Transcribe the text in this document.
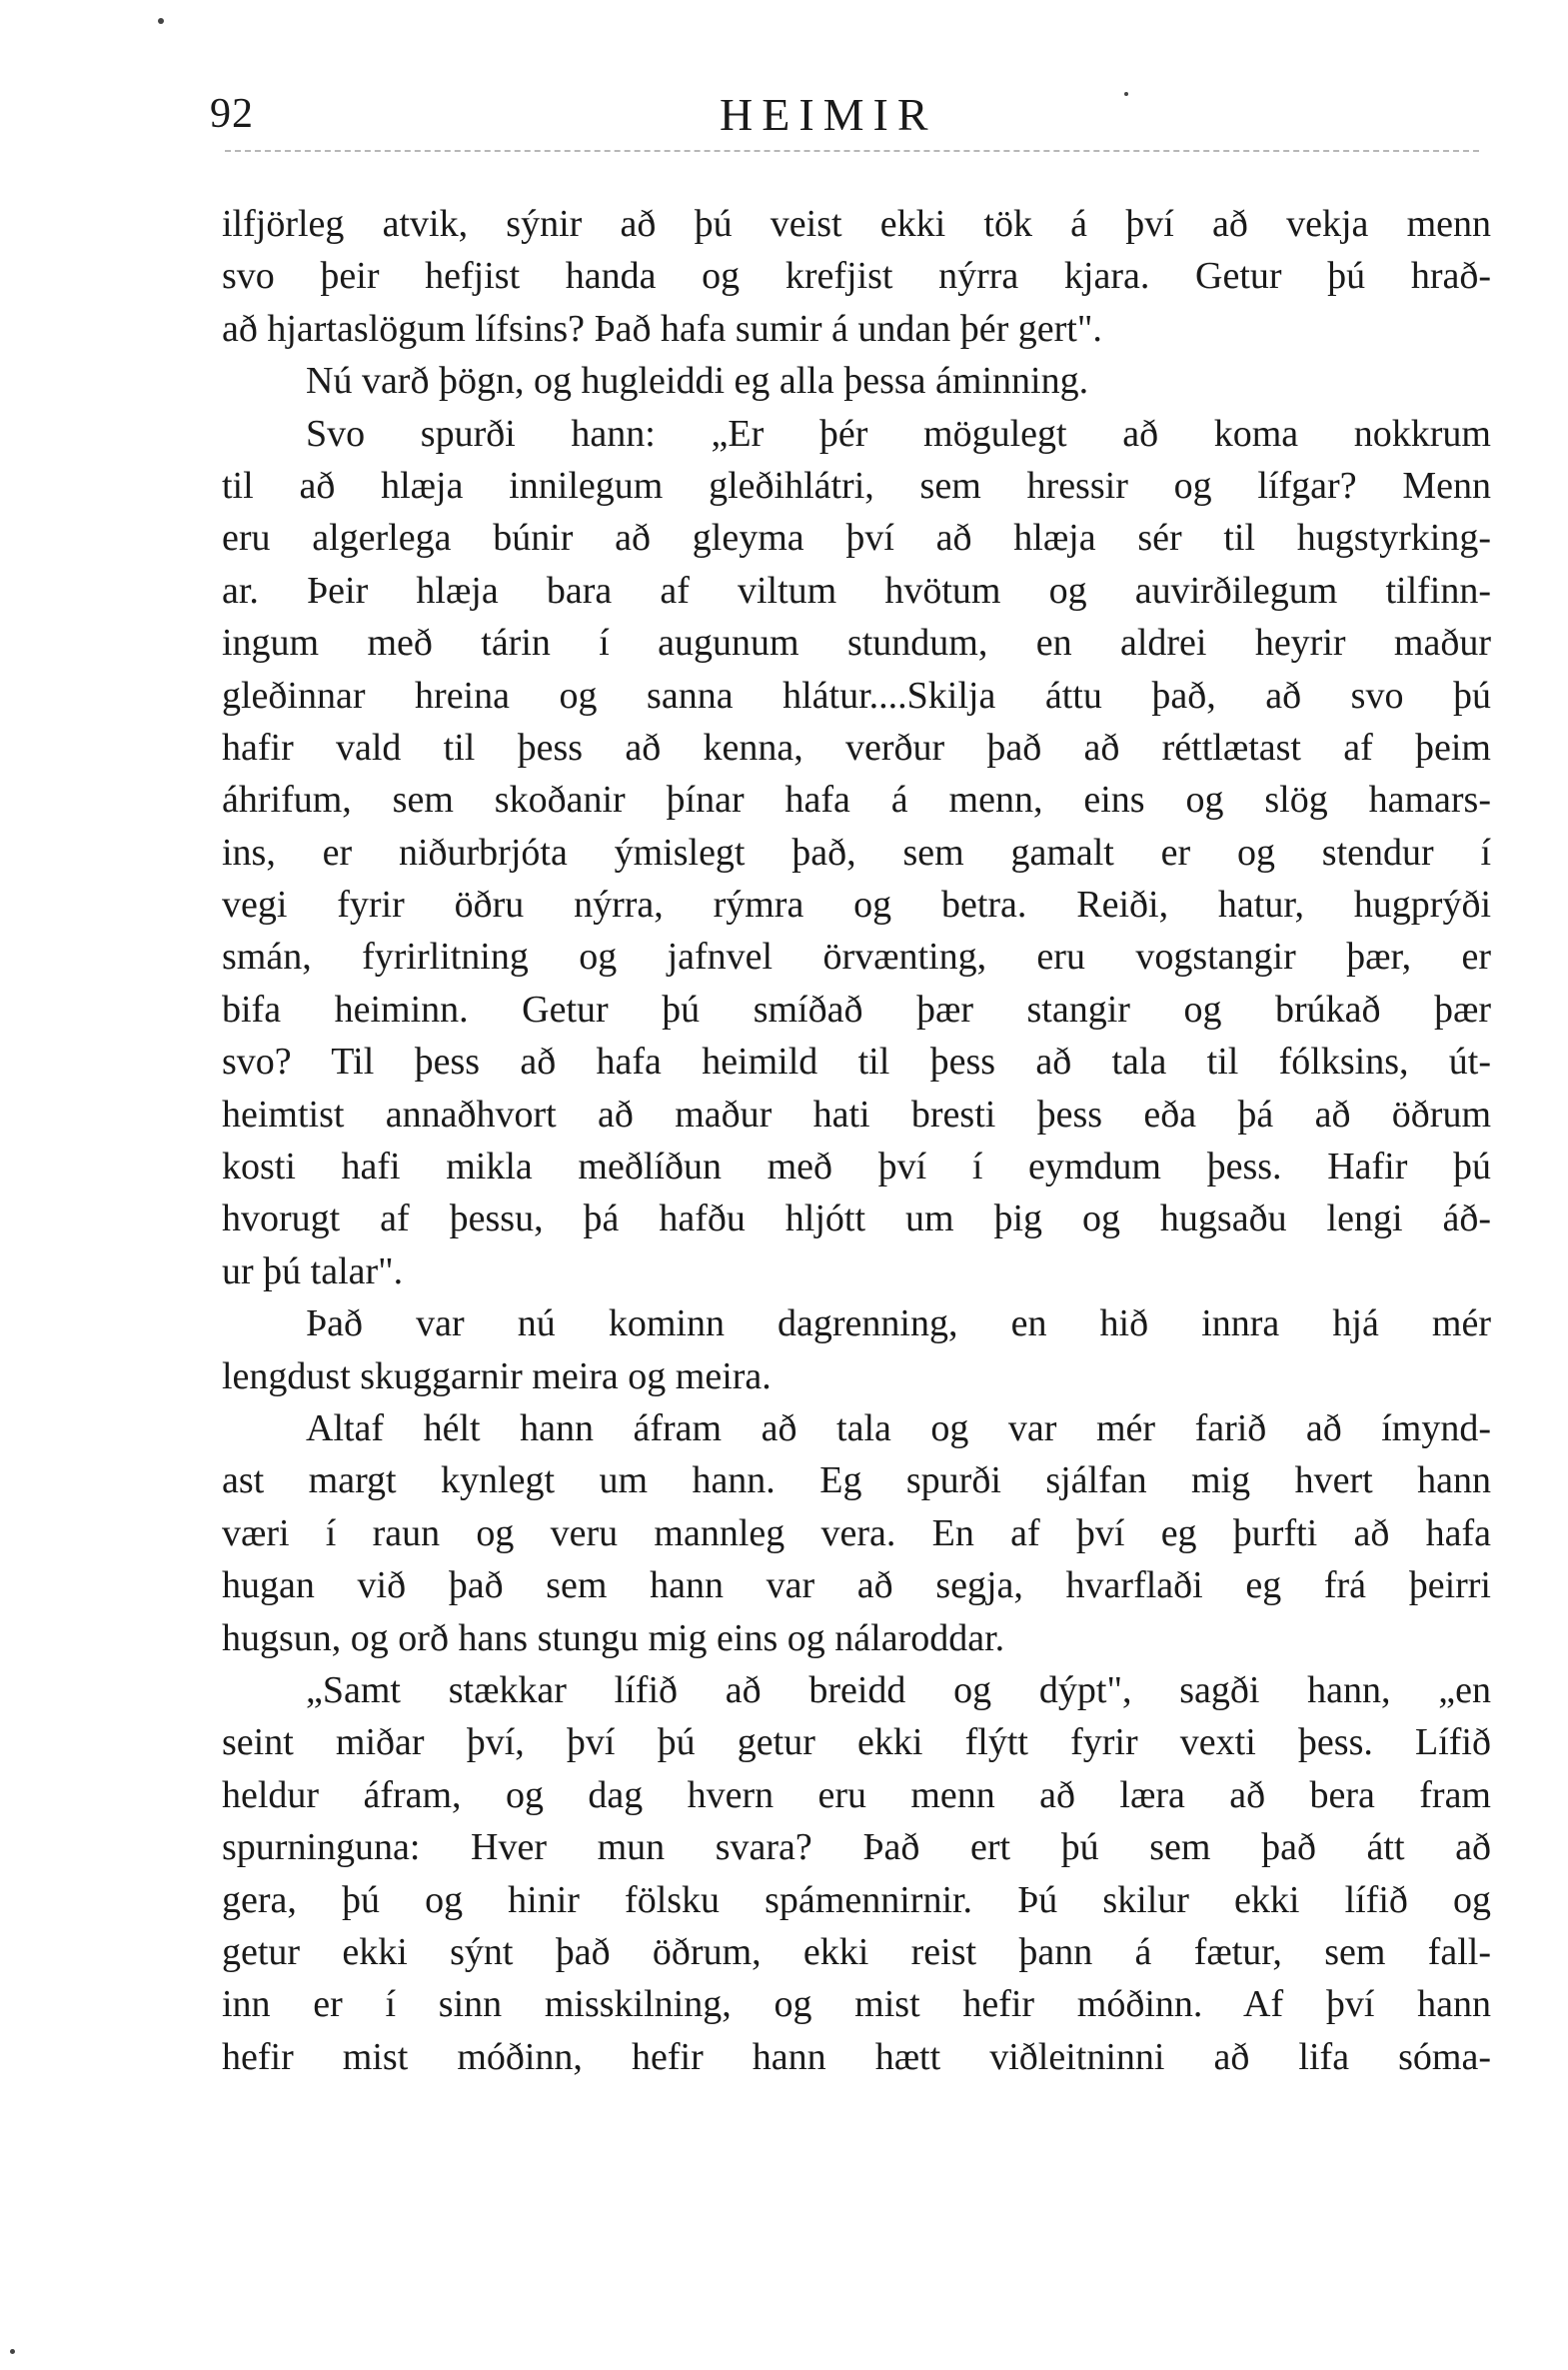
92	HEIMIR
ilfjörleg atvik, sýnir að þú veist ekki tök á því að vekja menn
svo þeir hefjist handa og krefjist nýrra kjara. Getur þú hrað-
að hjartaslögum lífsins? Það hafa sumir á undan þér gert".
Nú varð þögn, og hugleiddi eg alla þessa áminning.
Svo spurði hann: „Er þér mögulegt að koma nokkrum
til að hlæja innilegum gleðihlátri, sem hressir og lífgar? Menn
eru algerlega búnir að gleyma því að hlæja sér til hugstyrking-
ar. Þeir hlæja bara af viltum hvötum og auvirðilegum tilfinn-
ingum með tárin í augunum stundum, en aldrei heyrir maður
gleðinnar hreina og sanna hlátur....Skilja áttu það, að svo þú
hafir vald til þess að kenna, verður það að réttlætast af þeim
áhrifum, sem skoðanir þínar hafa á menn, eins og slög hamars-
ins, er niðurbrjóta ýmislegt það, sem gamalt er og stendur í
vegi fyrir öðru nýrra, rýmra og betra. Reiði, hatur, hugprýði
smán, fyrirlitning og jafnvel örvænting, eru vogstangir þær, er
bifa heiminn. Getur þú smíðað þær stangir og brúkað þær
svo? Til þess að hafa heimild til þess að tala til fólksins, út-
heimtist annaðhvort að maður hati bresti þess eða þá að öðrum
kosti hafi mikla meðlíðun með því í eymdum þess. Hafir þú
hvorugt af þessu, þá hafðu hljótt um þig og hugsaðu lengi áð-
ur þú talar".
Það var nú kominn dagrenning, en hið innra hjá mér
lengdust skuggarnir meira og meira.
Altaf hélt hann áfram að tala og var mér farið að ímynd-
ast margt kynlegt um hann. Eg spurði sjálfan mig hvert hann
væri í raun og veru mannleg vera. En af því eg þurfti að hafa
hugan við það sem hann var að segja, hvarflaði eg frá þeirri
hugsun, og orð hans stungu mig eins og nálaroddar.
„Samt stækkar lífið að breidd og dýpt", sagði hann, „en
seint miðar því, því þú getur ekki flýtt fyrir vexti þess. Lífið
heldur áfram, og dag hvern eru menn að læra að bera fram
spurninguna: Hver mun svara? Það ert þú sem það átt að
gera, þú og hinir fölsku spámennirnir. Þú skilur ekki lífið og
getur ekki sýnt það öðrum, ekki reist þann á fætur, sem fall-
inn er í sinn misskilning, og mist hefir móðinn. Af því hann
hefir mist móðinn, hefir hann hætt viðleitninni að lifa sóma-
